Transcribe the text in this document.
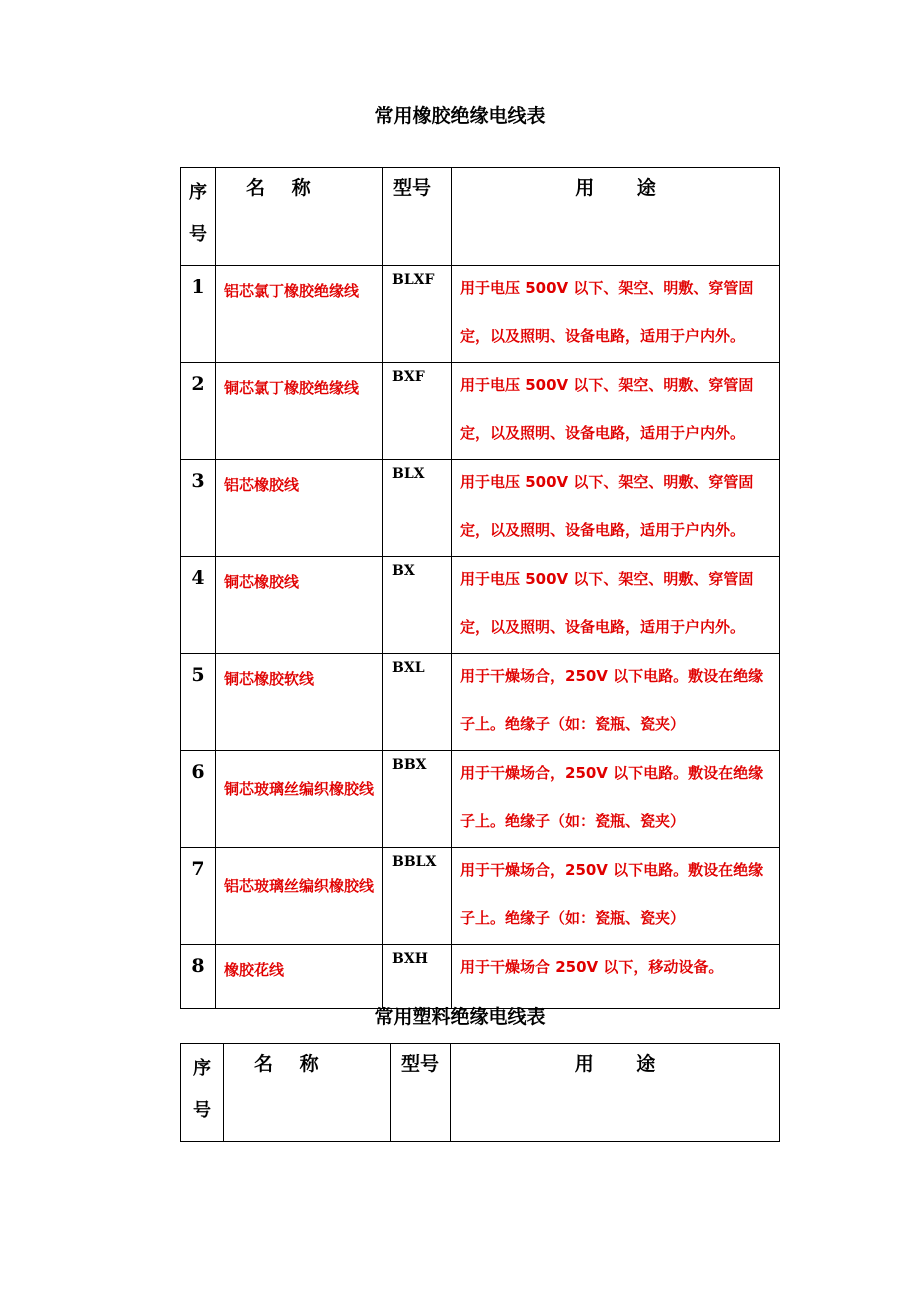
常用橡胶绝缘电线表
序
号	名 称	型号	用 途
1	铝芯氯丁橡胶绝缘线	BLXF	用于电压 500V 以下、架空、明敷、穿管固定，以及照明、设备电路，适用于户内外。

2	铜芯氯丁橡胶绝缘线	BXF	用于电压 500V 以下、架空、明敷、穿管固定，以及照明、设备电路，适用于户内外。

3	铝芯橡胶线	BLX	用于电压 500V 以下、架空、明敷、穿管固定，以及照明、设备电路，适用于户内外。

4	铜芯橡胶线	BX	用于电压 500V 以下、架空、明敷、穿管固定，以及照明、设备电路，适用于户内外。

5	铜芯橡胶软线	BXL	用于干燥场合，250V 以下电路。敷设在绝缘子上。绝缘子（如：瓷瓶、瓷夹）

6	铜芯玻璃丝编织橡胶线	BBX	用于干燥场合，250V 以下电路。敷设在绝缘子上。绝缘子（如：瓷瓶、瓷夹）

7	铝芯玻璃丝编织橡胶线	BBLX	用于干燥场合，250V 以下电路。敷设在绝缘子上。绝缘子（如：瓷瓶、瓷夹）

8	橡胶花线	BXH	用于干燥场合 250V 以下，移动设备。
常用塑料绝缘电线表
序
号
	名 称	型号	用 途
